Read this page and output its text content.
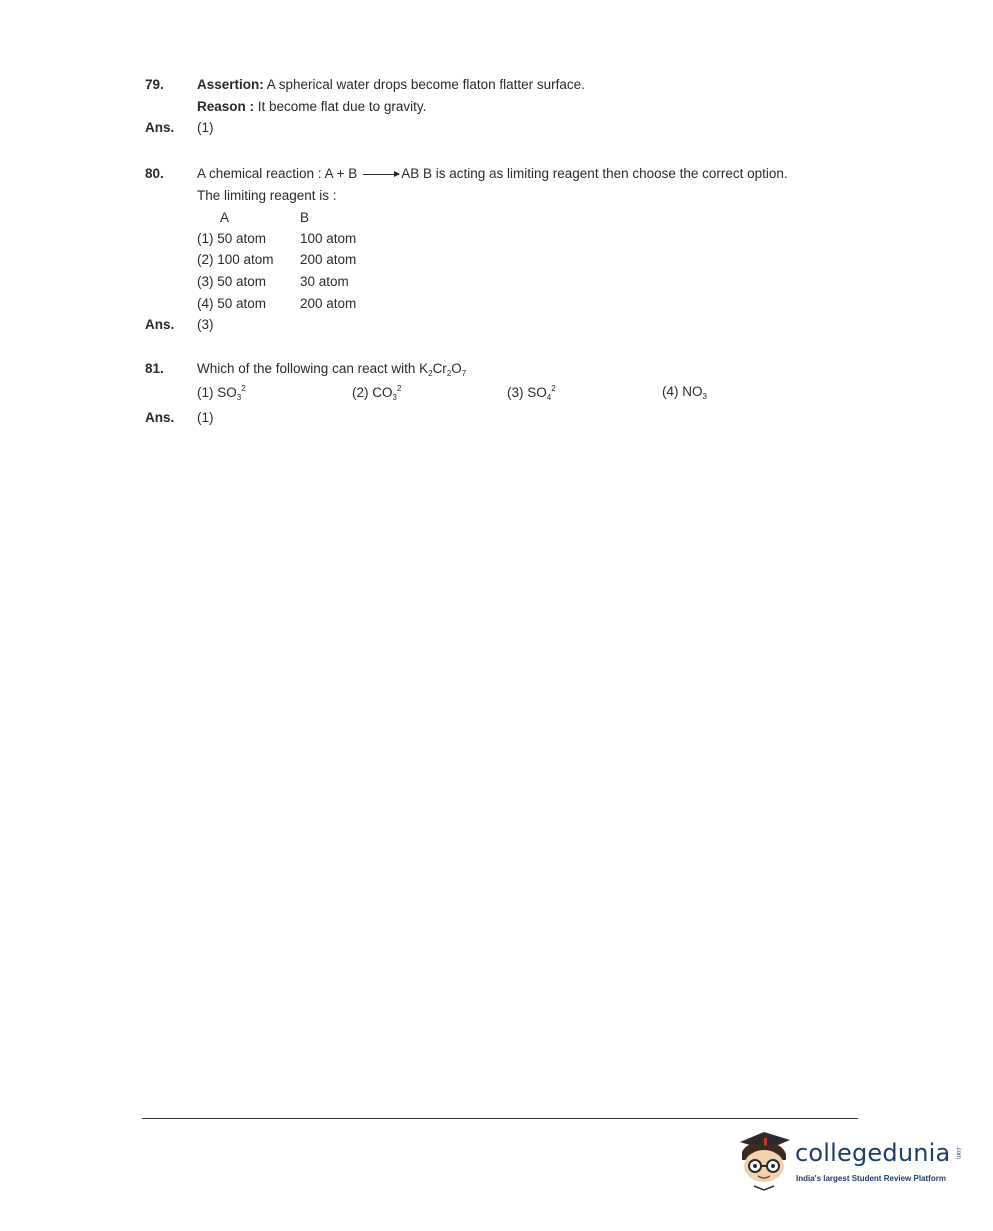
79. Assertion: A spherical water drops become flaton flatter surface.
Reason : It become flat due to gravity.
Ans. (1)
80. A chemical reaction : A + B → AB B is acting as limiting reagent then choose the correct option.
The limiting reagent is :
A	B
(1) 50 atom	100 atom
(2) 100 atom 200 atom
(3) 50 atom	30 atom
(4) 50 atom	200 atom
Ans. (3)
81. Which of the following can react with $K_2Cr_2O_7$
(1) $SO_3^2$	(2) $CO_3^2$	(3) $SO_4^2$	(4) $NO_3$
Ans. (1)
collegedunia .com
India's largest Student Review Platform
